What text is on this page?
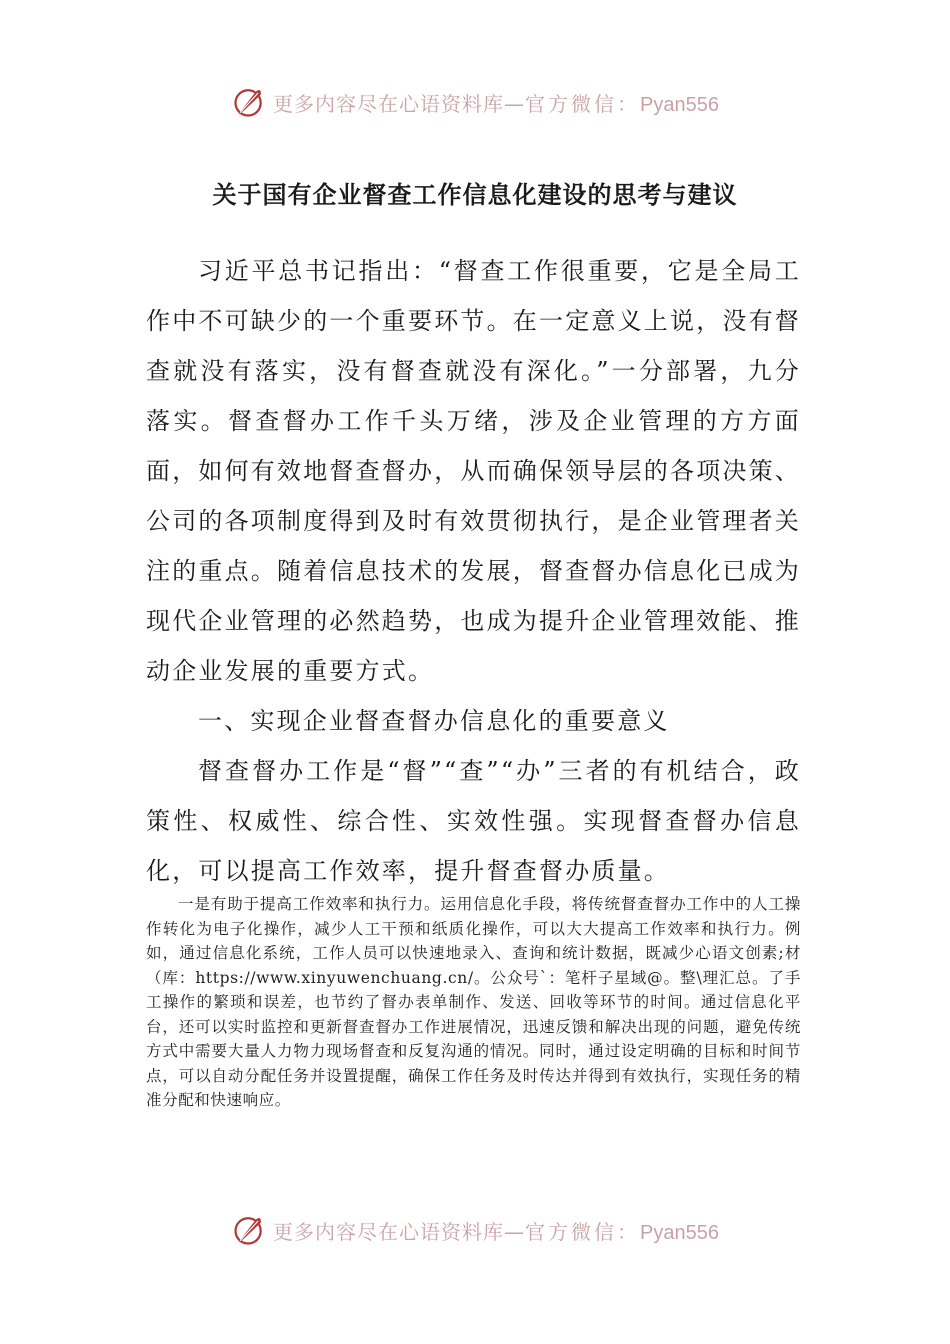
更多内容尽在心语资料库—官方微信：Pyan556
关于国有企业督查工作信息化建设的思考与建议

习近平总书记指出：“督查工作很重要，它是全局工作中不可缺少的一个重要环节。在一定意义上说，没有督查就没有落实，没有督查就没有深化。”一分部署，九分落实。督查督办工作千头万绪，涉及企业管理的方方面面，如何有效地督查督办，从而确保领导层的各项决策、公司的各项制度得到及时有效贯彻执行，是企业管理者关注的重点。随着信息技术的发展，督查督办信息化已成为现代企业管理的必然趋势，也成为提升企业管理效能、推动企业发展的重要方式。

一、实现企业督查督办信息化的重要意义

督查督办工作是“督”“查”“办”三者的有机结合，政策性、权威性、综合性、实效性强。实现督查督办信息化，可以提高工作效率，提升督查督办质量。

一是有助于提高工作效率和执行力。运用信息化手段，将传统督查督办工作中的人工操作转化为电子化操作，减少人工干预和纸质化操作，可以大大提高工作效率和执行力。例如，通过信息化系统，工作人员可以快速地录入、查询和统计数据，既减少心语文创素;材（库：https://www.xinyuwenchuang.cn/。公众号`：笔杆子星域@。整\理汇总。了手工操作的繁琐和误差，也节约了督办表单制作、发送、回收等环节的时间。通过信息化平台，还可以实时监控和更新督查督办工作进展情况，迅速反馈和解决出现的问题，避免传统方式中需要大量人力物力现场督查和反复沟通的情况。同时，通过设定明确的目标和时间节点，可以自动分配任务并设置提醒，确保工作任务及时传达并得到有效执行，实现任务的精准分配和快速响应。

更多内容尽在心语资料库—官方微信：Pyan556
